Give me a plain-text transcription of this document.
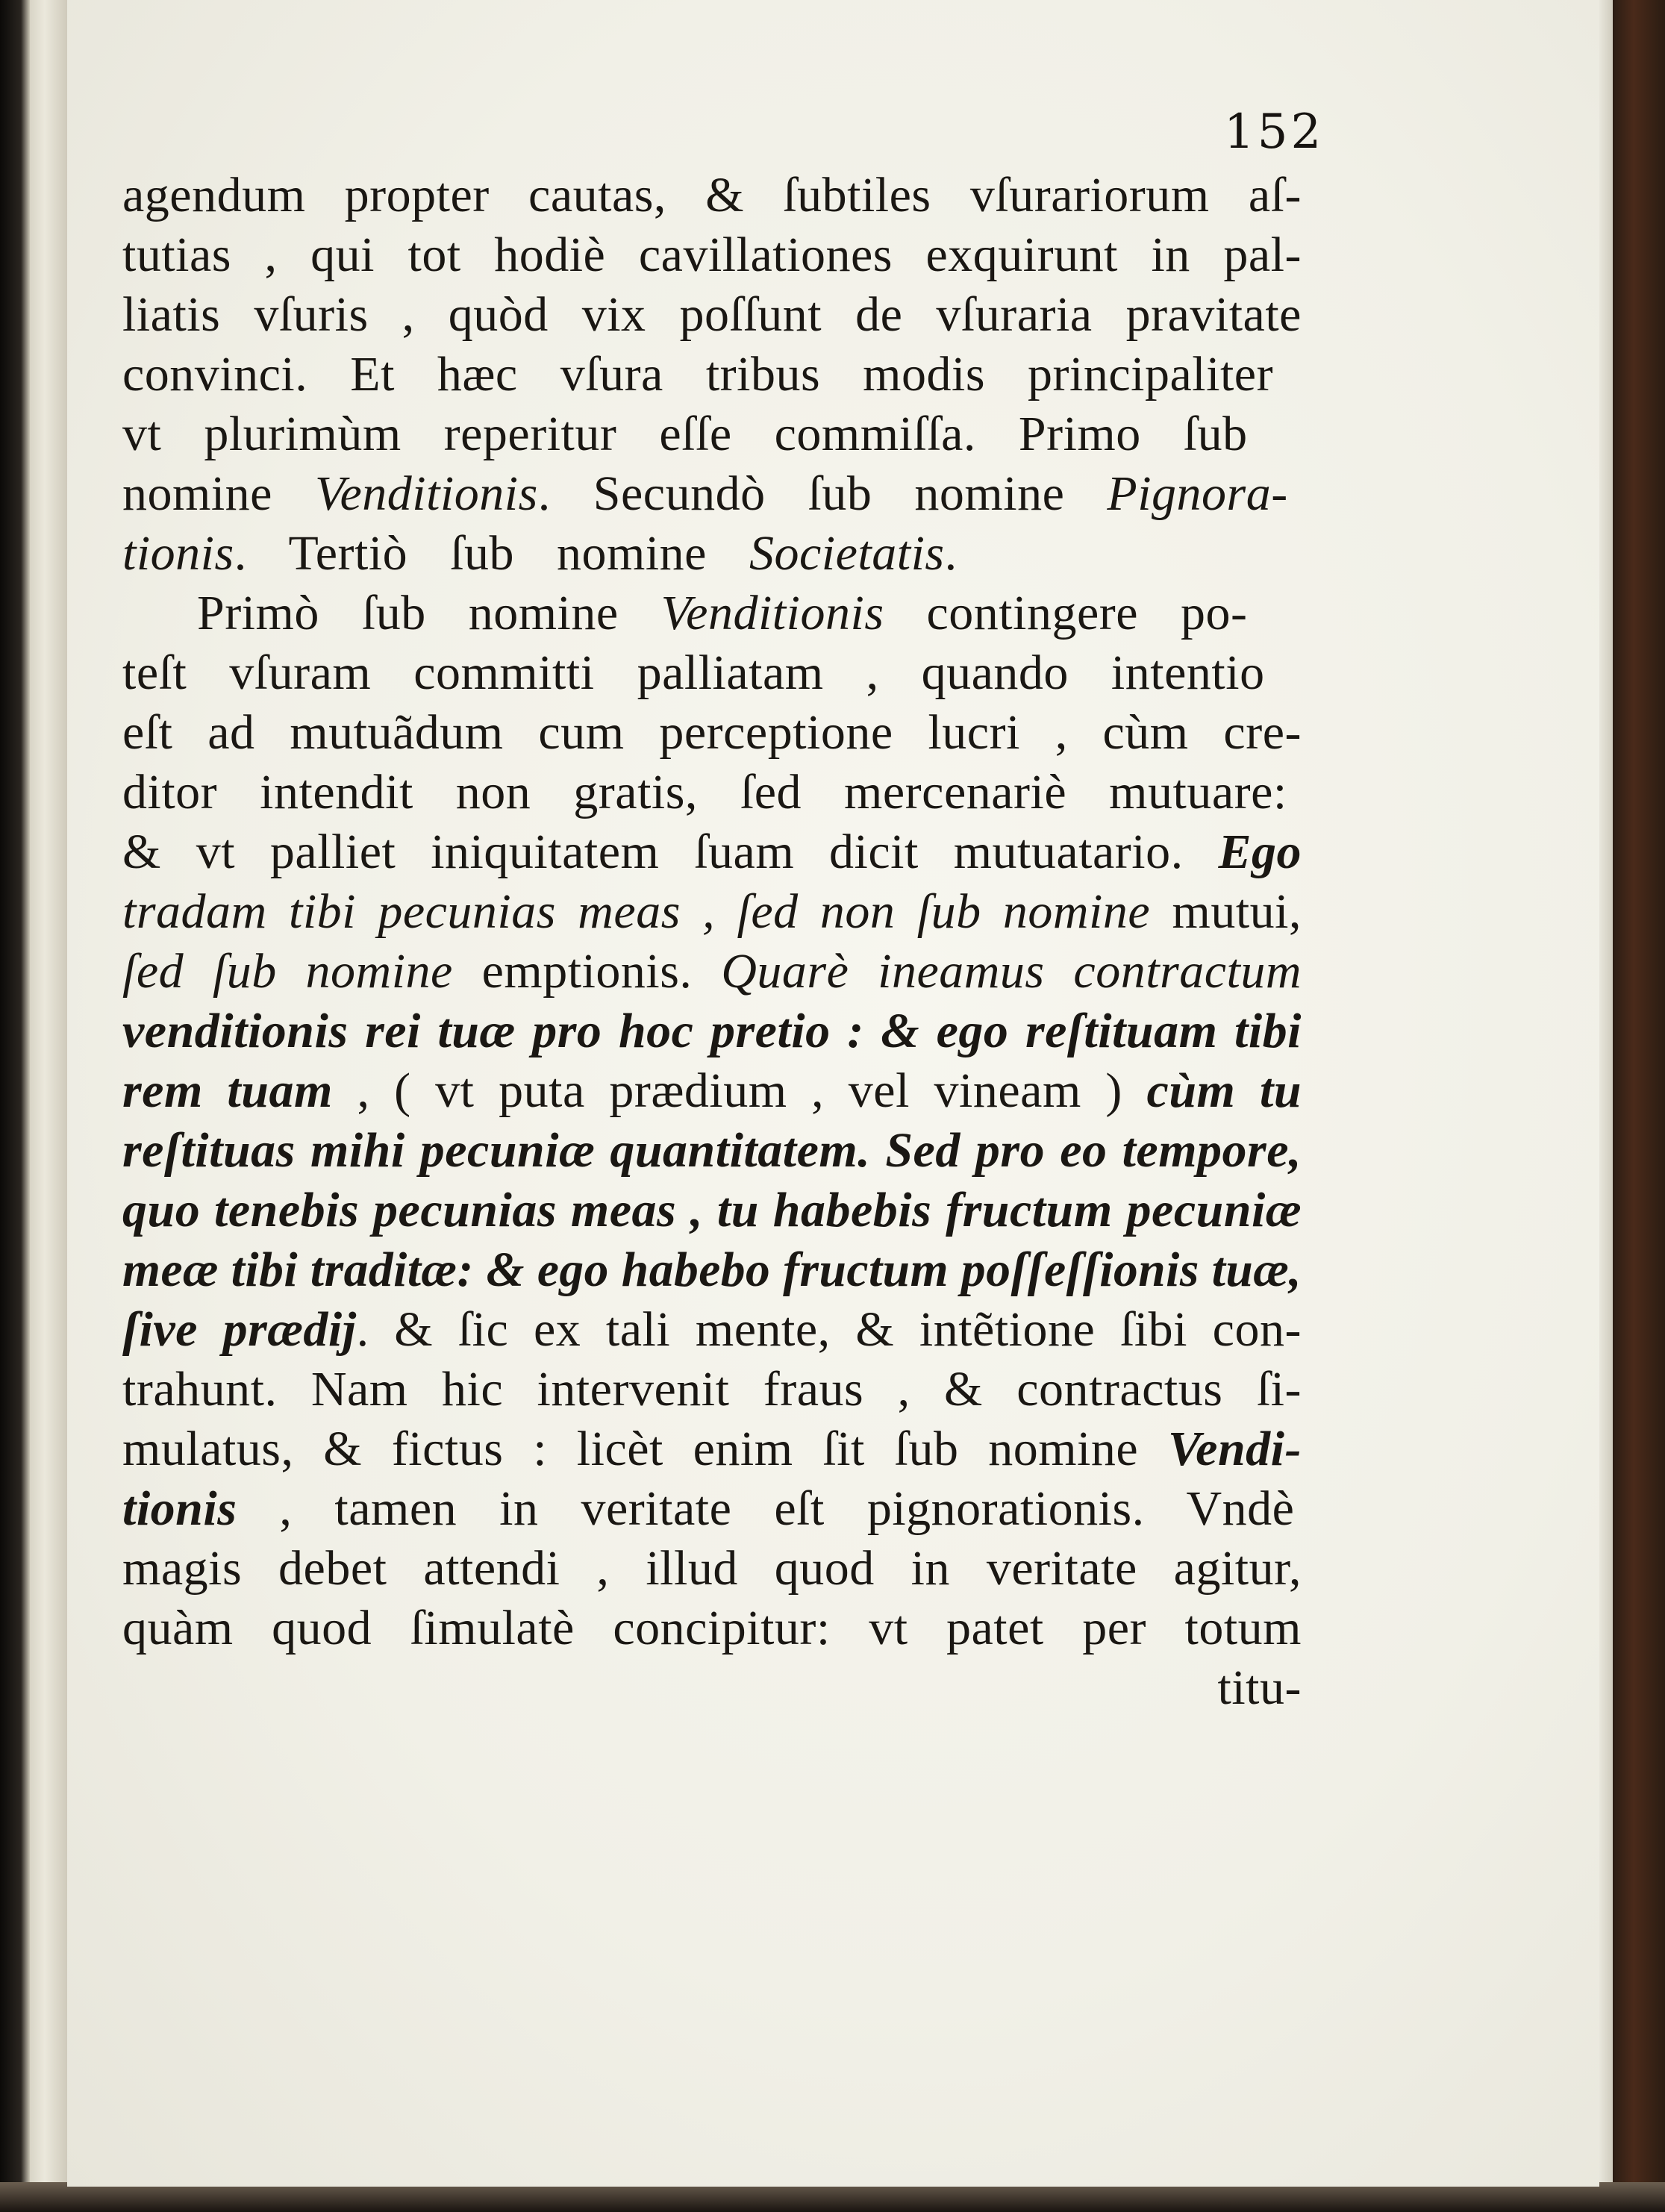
152
agendum propter cautas, & ſubtiles vſurariorum aſ-
tutias , qui tot hodiè cavillationes exquirunt in pal-
liatis vſuris , quòd vix poſſunt de vſuraria pravitate
convinci. Et hæc vſura tribus modis principaliter
vt plurimùm reperitur eſſe commiſſa. Primo ſub
nomine Venditionis. Secundò ſub nomine Pignora-
tionis. Tertiò ſub nomine Societatis.
Primò ſub nomine Venditionis contingere po-
teſt vſuram committi palliatam , quando intentio
eſt ad mutuãdum cum perceptione lucri , cùm cre-
ditor intendit non gratis, ſed mercenariè mutuare:
& vt palliet iniquitatem ſuam dicit mutuatario. Ego
tradam tibi pecunias meas , ſed non ſub nomine mutui,
ſed ſub nomine emptionis. Quarè ineamus contractum
venditionis rei tuæ pro hoc pretio : & ego reſtituam tibi
rem tuam , ( vt puta prædium , vel vineam ) cùm tu
reſtituas mihi pecuniæ quantitatem. Sed pro eo tempore,
quo tenebis pecunias meas , tu habebis fructum pecuniæ
meæ tibi traditæ: & ego habebo fructum poſſeſſionis tuæ,
ſive prædij. & ſic ex tali mente, & intẽtione ſibi con-
trahunt. Nam hic intervenit fraus , & contractus ſi-
mulatus, & fictus : licèt enim ſit ſub nomine Vendi-
tionis , tamen in veritate eſt pignorationis. Vndè
magis debet attendi , illud quod in veritate agitur,
quàm quod ſimulatè concipitur: vt patet per totum
titu-
